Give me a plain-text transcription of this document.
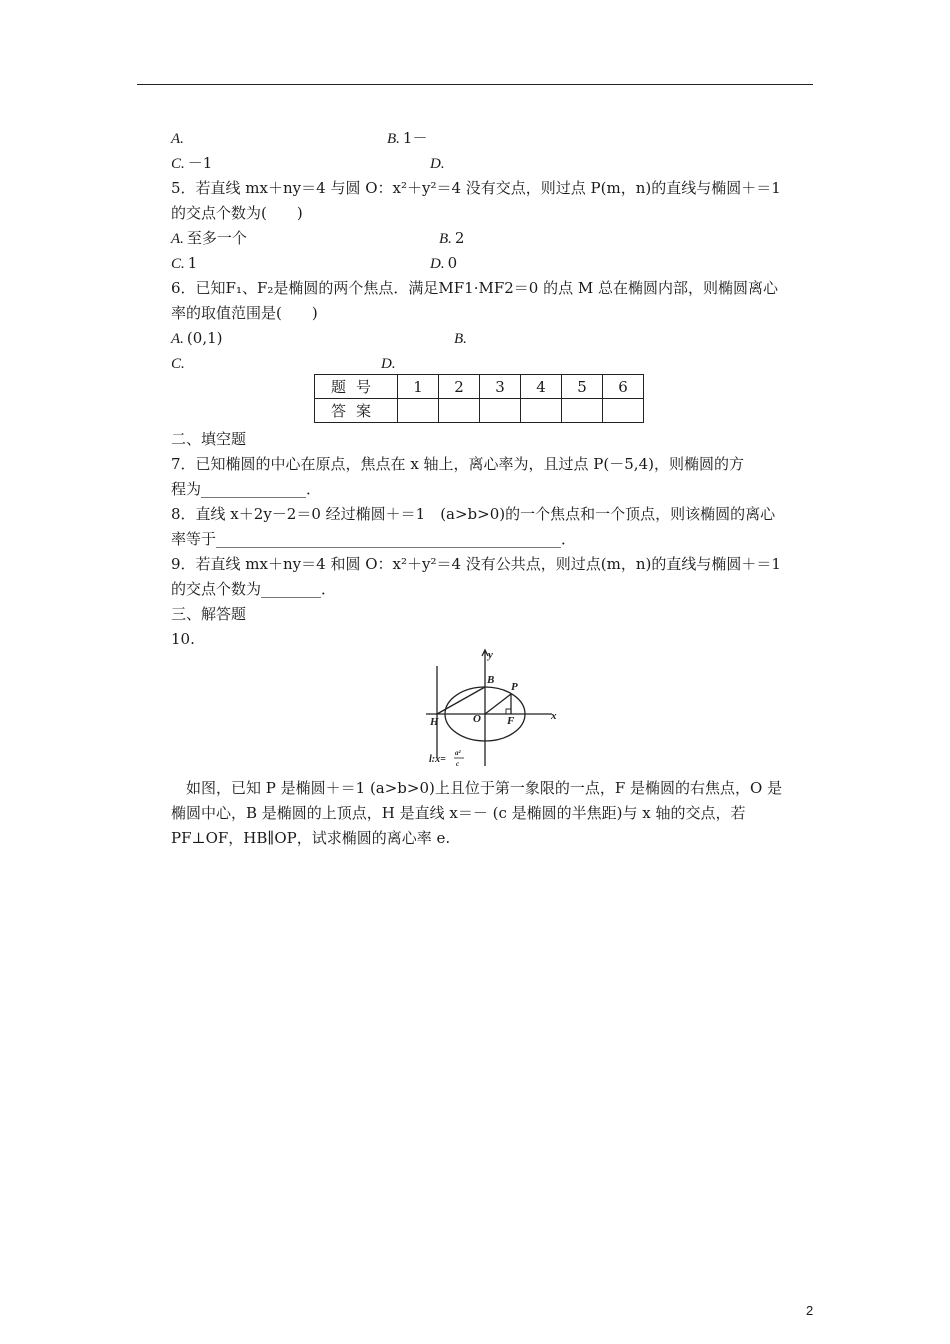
A.	B. 1－
C. －1	D.
5．若直线 mx＋ny＝4 与圆 O：x²＋y²＝4 没有交点，则过点 P(m，n)的直线与椭圆＋＝1
的交点个数为(　　)
A. 至多一个	B. 2
C. 1	D. 0
6．已知F₁、F₂是椭圆的两个焦点．满足MF1·MF2＝0 的点 M 总在椭圆内部，则椭圆离心
率的取值范围是(　　)
A. (0,1)	B.
C.	D.
题号	1	2	3	4	5	6
答案						
二、填空题
7．已知椭圆的中心在原点，焦点在 x 轴上，离心率为，且过点 P(－5,4)，则椭圆的方
程为______________．
8．直线 x＋2y－2＝0 经过椭圆＋＝1　(a>b>0)的一个焦点和一个顶点，则该椭圆的离心
率等于______________________________________________．
9．若直线 mx＋ny＝4 和圆 O：x²＋y²＝4 没有公共点，则过点(m，n)的直线与椭圆＋＝1
的交点个数为________．
三、解答题
10.
y
x
B
P
H	O F
l:x=
a²
c
　如图，已知 P 是椭圆＋＝1 (a>b>0)上且位于第一象限的一点，F 是椭圆的右焦点，O 是
椭圆中心，B 是椭圆的上顶点，H 是直线 x＝－ (c 是椭圆的半焦距)与 x 轴的交点，若
PF⊥OF，HB∥OP，试求椭圆的离心率 e.
2
